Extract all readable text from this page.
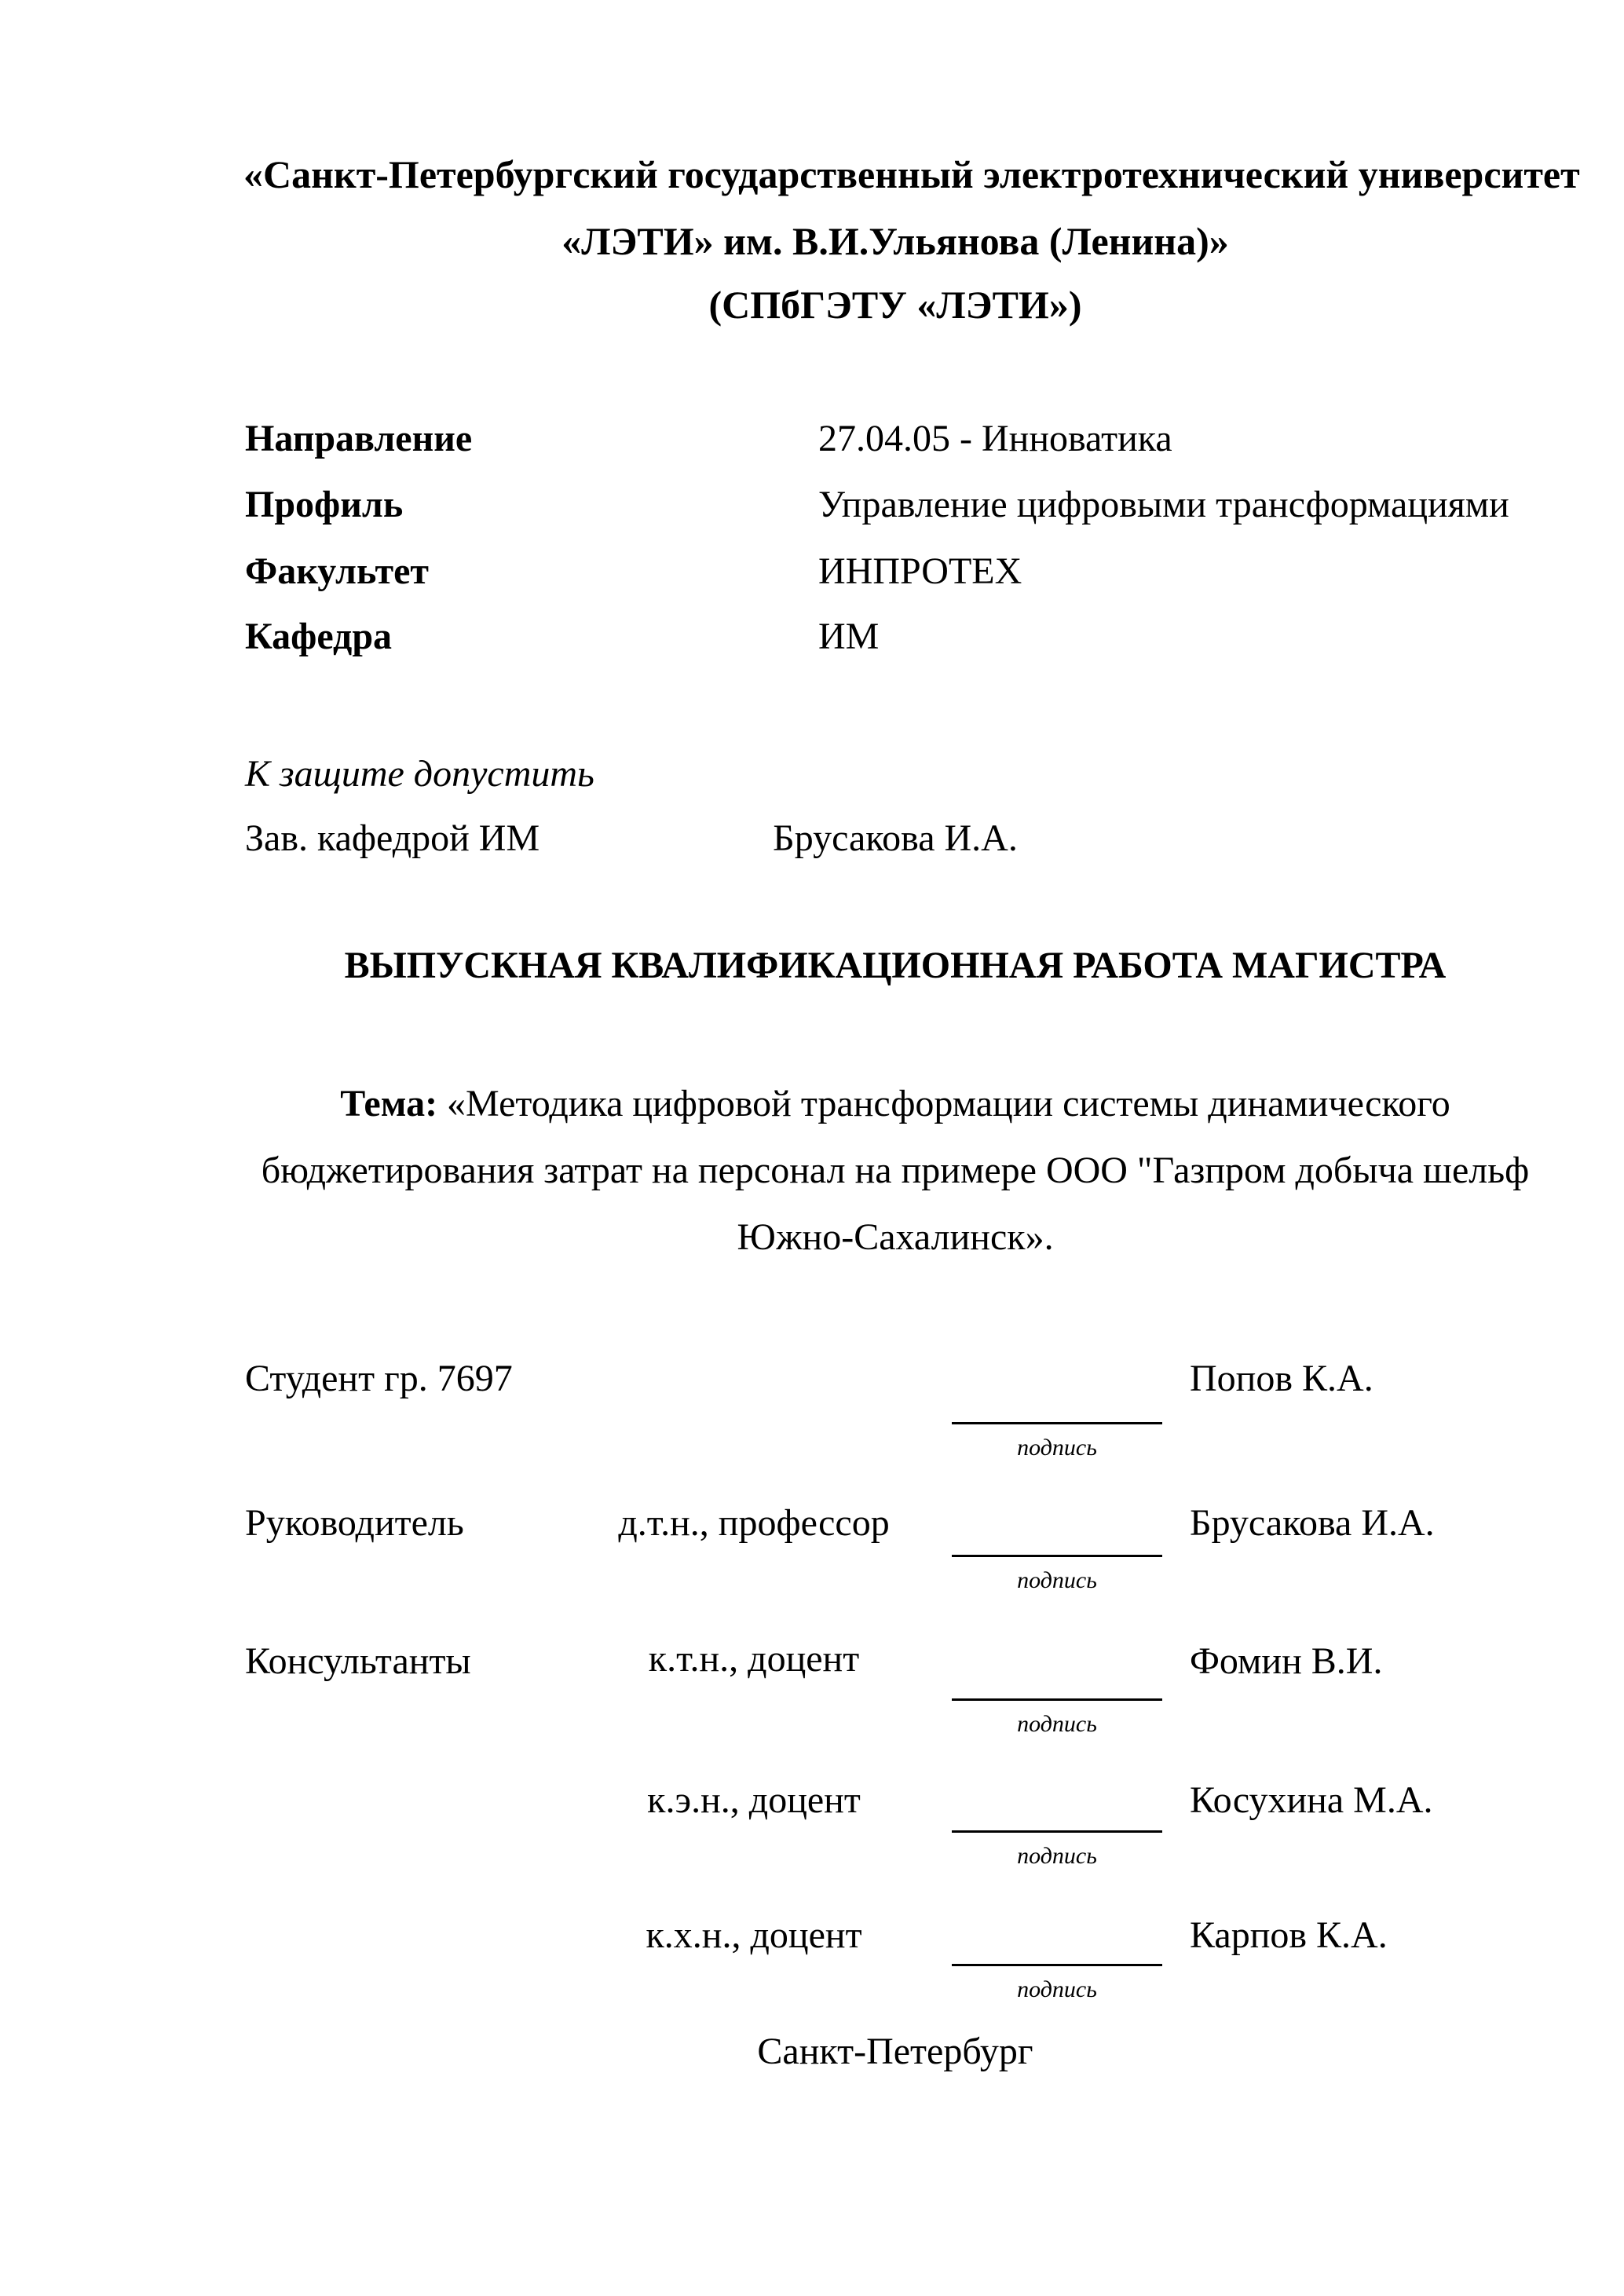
«Санкт-Петербургский государственный электротехнический университет
«ЛЭТИ» им. В.И.Ульянова (Ленина)»
(СПбГЭТУ «ЛЭТИ»)
Направление	27.04.05 - Инноватика
Профиль	Управление цифровыми трансформациями
Факультет	ИНПРОТЕХ
Кафедра	ИМ
К защите допустить
Зав. кафедрой ИМ	Брусакова И.А.
ВЫПУСКНАЯ КВАЛИФИКАЦИОННАЯ РАБОТА МАГИСТРА
Тема: «Методика цифровой трансформации системы динамического
бюджетирования затрат на персонал на примере ООО "Газпром добыча шельф
Южно-Сахалинск».
Студент гр. 7697	Попов К.А.
подпись
Руководитель	д.т.н., профессор	Брусакова И.А.
подпись
Консультанты	к.т.н., доцент	Фомин В.И.
подпись
к.э.н., доцент	Косухина М.А.
подпись
к.х.н., доцент	Карпов К.А.
подпись
Санкт-Петербург
